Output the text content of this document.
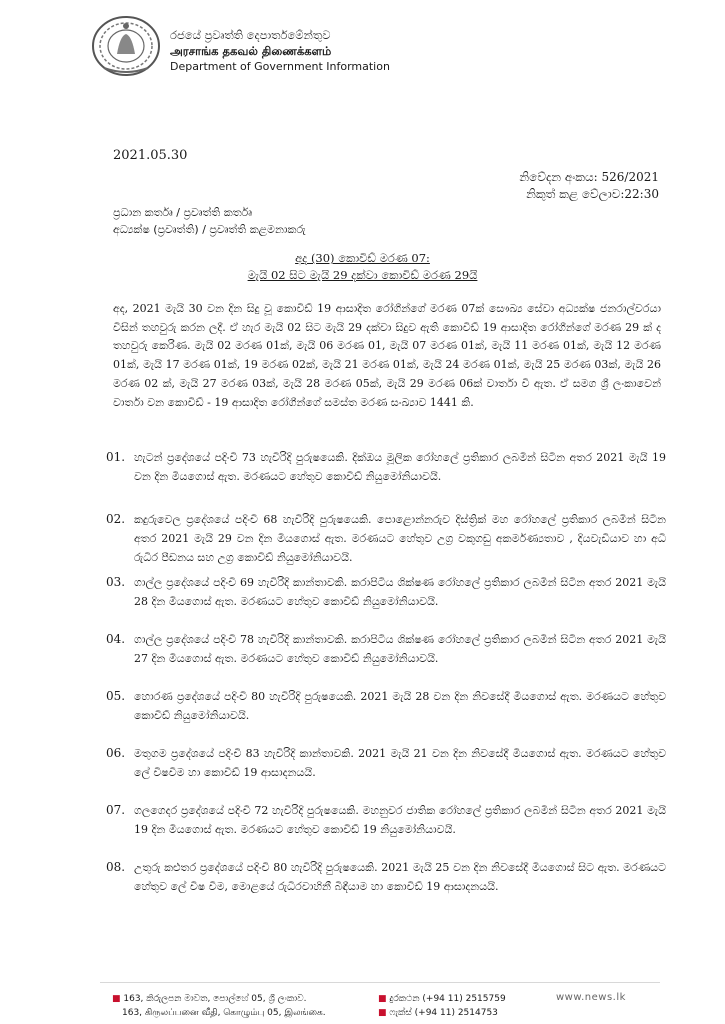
රජයේ ප්‍රවෘත්ති දෙපාර්තමේන්තුව
அரசாங்க தகவல் திணைக்களம்
Department of Government Information
2021.05.30
නිවේදන අංකය: 526/2021
නිකුත් කළ වේලාව:22:30
ප්‍රධාන කර්තෘ / ප්‍රවෘත්ති කර්තෘ
අධ්‍යක්ෂ (ප්‍රවෘත්ති) / ප්‍රවෘත්ති කළමනාකරු
අද (30) කොවිඩ් මරණ 07:
මැයි 02 සිට මැයි 29 දක්වා කොවිඩ් මරණ 29යි
අද, 2021 මැයි 30 වන දින සිදු වූ කොවිඩ් 19 ආසාදිත රෝගීන්ගේ මරණ 07ක් සෞඛ්‍ය සේවා අධ්‍යක්ෂ ජනරාල්වරයා විසින් තහවුරු කරන ලදී. ඒ හැර මැයි 02 සිට මැයි 29 දක්වා සිදුව ඇති කොවිඩ් 19 ආසාදිත රෝගීන්ගේ මරණ 29 ක් ද තහවුරු කෙරිණ. මැයි 02 මරණ 01ක්, මැයි 06 මරණ 01, මැයි 07 මරණ 01ක්, මැයි 11 මරණ 01ක්, මැයි 12 මරණ 01ක්, මැයි 17 මරණ 01ක්, 19 මරණ 02ක්, මැයි 21 මරණ 01ක්, මැයි 24 මරණ 01ක්, මැයි 25 මරණ 03ක්, මැයි 26 මරණ 02 ක්, මැයි 27 මරණ 03ක්, මැයි 28 මරණ 05ක්, මැයි 29 මරණ 06ක් වාර්තා වී ඇත. ඒ සමග ශ්‍රී ලංකාවෙන් වාර්තා වන කොවිඩ් - 19 ආසාදිත රෝගීන්ගේ සමස්ත මරණ සංඛ්‍යාව 1441 කි.
01. හැටන් ප්‍රදේශයේ පදිංචි 73 හැවිරිදි පුරුෂයෙකි. දික්ඔය මූලික රෝහලේ ප්‍රතිකාර ලබමින් සිටින අතර 2021 මැයි 19 වන දින මියගොස් ඇත. මරණයට හේතුව කොවිඩ් නියුමෝනියාවයි.
02. කදුරුවෙල ප්‍රදේශයේ පදිංචි 68 හැවිරිදි පුරුෂයෙකි. පොළොන්නරුව දිස්ත්‍රික් මහ රෝහලේ ප්‍රතිකාර ලබමින් සිටින අතර 2021 මැයි 29 වන දින මියගොස් ඇත. මරණයට හේතුව උග්‍ර වකුගඩු අකර්මණ්‍යතාව , දියවැඩියාව හා අධි රුධිර පීඩනය සහ උග්‍ර කොවිඩ් නියුමෝනියාවයි.
03. ගාල්ල ප්‍රදේශයේ පදිංචි 69 හැවිරිදි කාන්තාවකි. කරාපිටිය ශික්ෂණ රෝහලේ ප්‍රතිකාර ලබමින් සිටින අතර 2021 මැයි 28 දින මියගොස් ඇත. මරණයට හේතුව කොවිඩ් නියුමෝනියාවයි.
04. ගාල්ල ප්‍රදේශයේ පදිංචි 78 හැවිරිදි කාන්තාවකි. කරාපිටිය ශික්ෂණ රෝහලේ ප්‍රතිකාර ලබමින් සිටින අතර 2021 මැයි 27 දින මියගොස් ඇත. මරණයට හේතුව කොවිඩ් නියුමෝනියාවයි.
05. හොරණ ප්‍රදේශයේ පදිංචි 80 හැවිරිදි පුරුෂයෙකි. 2021 මැයි 28 වන දින නිවසේදී මියගොස් ඇත. මරණයට හේතුව කොවිඩ් නියුමෝනියාවයි.
06. මතුගම ප්‍රදේශයේ පදිංචි 83 හැවිරිදි කාන්තාවකි. 2021 මැයි 21 වන දින නිවසේදී මියගොස් ඇත. මරණයට හේතුව ලේ විෂවීම හා කොවිඩ් 19 ආසාදනයයි.
07. ගලගෙදර ප්‍රදේශයේ පදිංචි 72 හැවිරිදි පුරුෂයෙකි. මහනුවර ජාතික රෝහලේ ප්‍රතිකාර ලබමින් සිටින අතර 2021 මැයි 19 දින මියගොස් ඇත. මරණයට හේතුව කොවිඩ් 19 නියුමෝනියාවයි.
08. උතුරු කළුතර ප්‍රදේශයේ පදිංචි 80 හැවිරිදි පුරුෂයෙකි. 2021 මැයි 25 වන දින නිවසේදී මියගොස් සිට ඇත. මරණයට හේතුව ලේ විෂ වීම, මොළයේ රුධිරවාහිනී බිඳීයාම හා කොවිඩ් 19 ආසාදනයයි.
■ 163, කිරුලපන මාවත, පොල්හේ 05, ශ්‍රී ලංකාව.
163, கிருலப்பனை வீதி, கொழும்பு 05, இலங்கை.
■ දුරකථන (+94 11) 2515759
■ ෆැක්ස් (+94 11) 2514753
www.news.lk
